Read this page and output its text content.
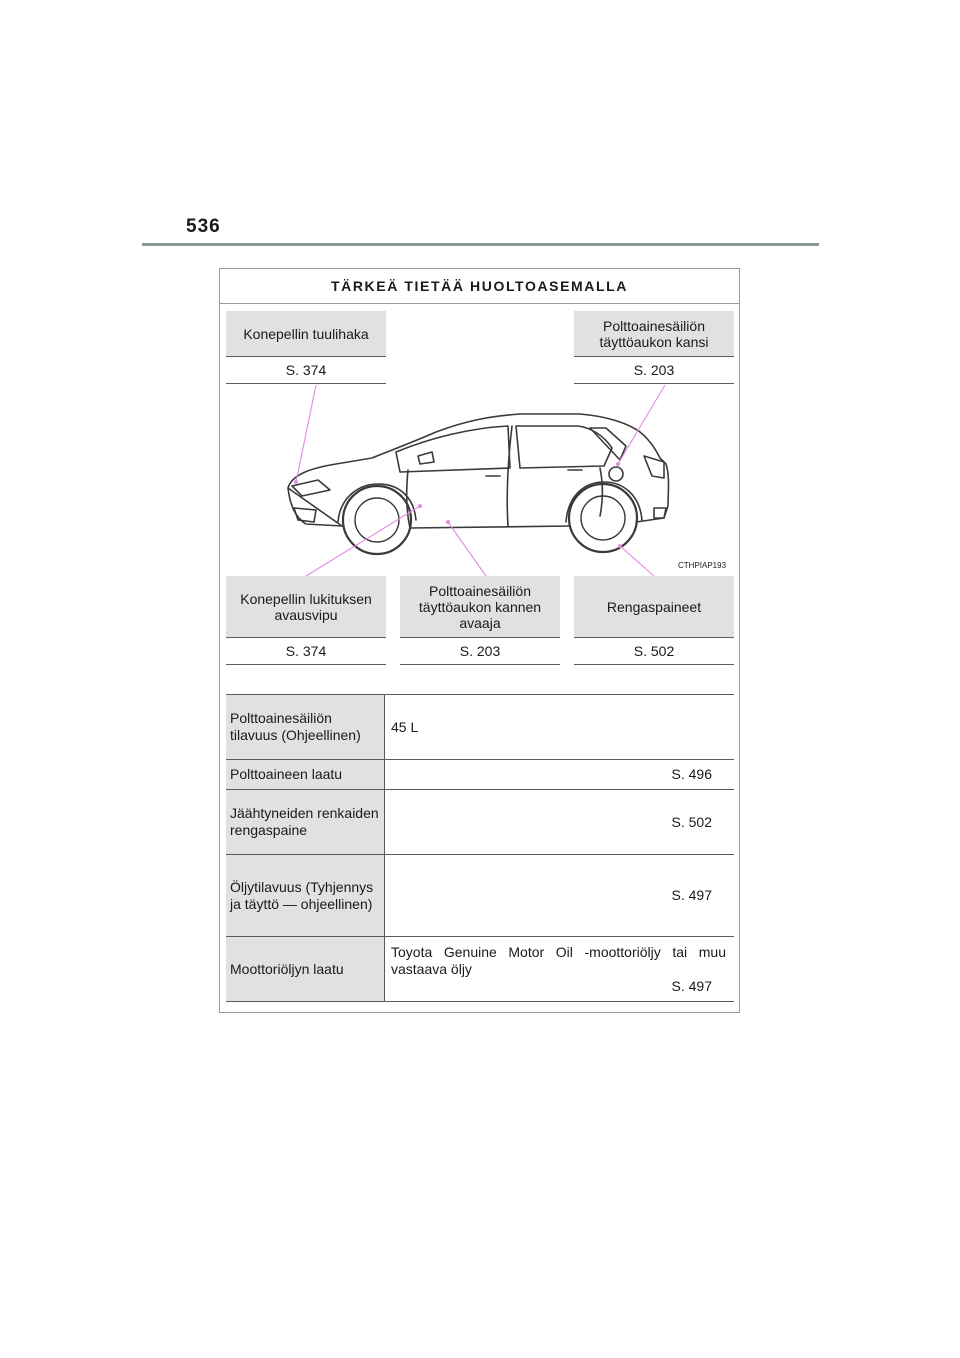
536
TÄRKEÄ TIETÄÄ HUOLTOASEMALLA
Konepellin tuulihaka
S. 374
Polttoainesäiliön täyttöaukon kansi
S. 203
CTHPIAP193
Konepellin lukituksen avausvipu
S. 374
Polttoainesäiliön täyttöaukon kannen avaaja
S. 203
Rengaspaineet
S. 502
Polttoainesäiliön tilavuus (Ohjeellinen)
45 L
Polttoaineen laatu	S. 496
Jäähtyneiden renkaiden rengaspaine
S. 502
Öljytilavuus (Tyhjennys ja täyttö — ohjeellinen)
S. 497
Moottoriöljyn laatu
Toyota Genuine Motor Oil -moottoriöljy tai muu
vastaava öljy
S. 497
